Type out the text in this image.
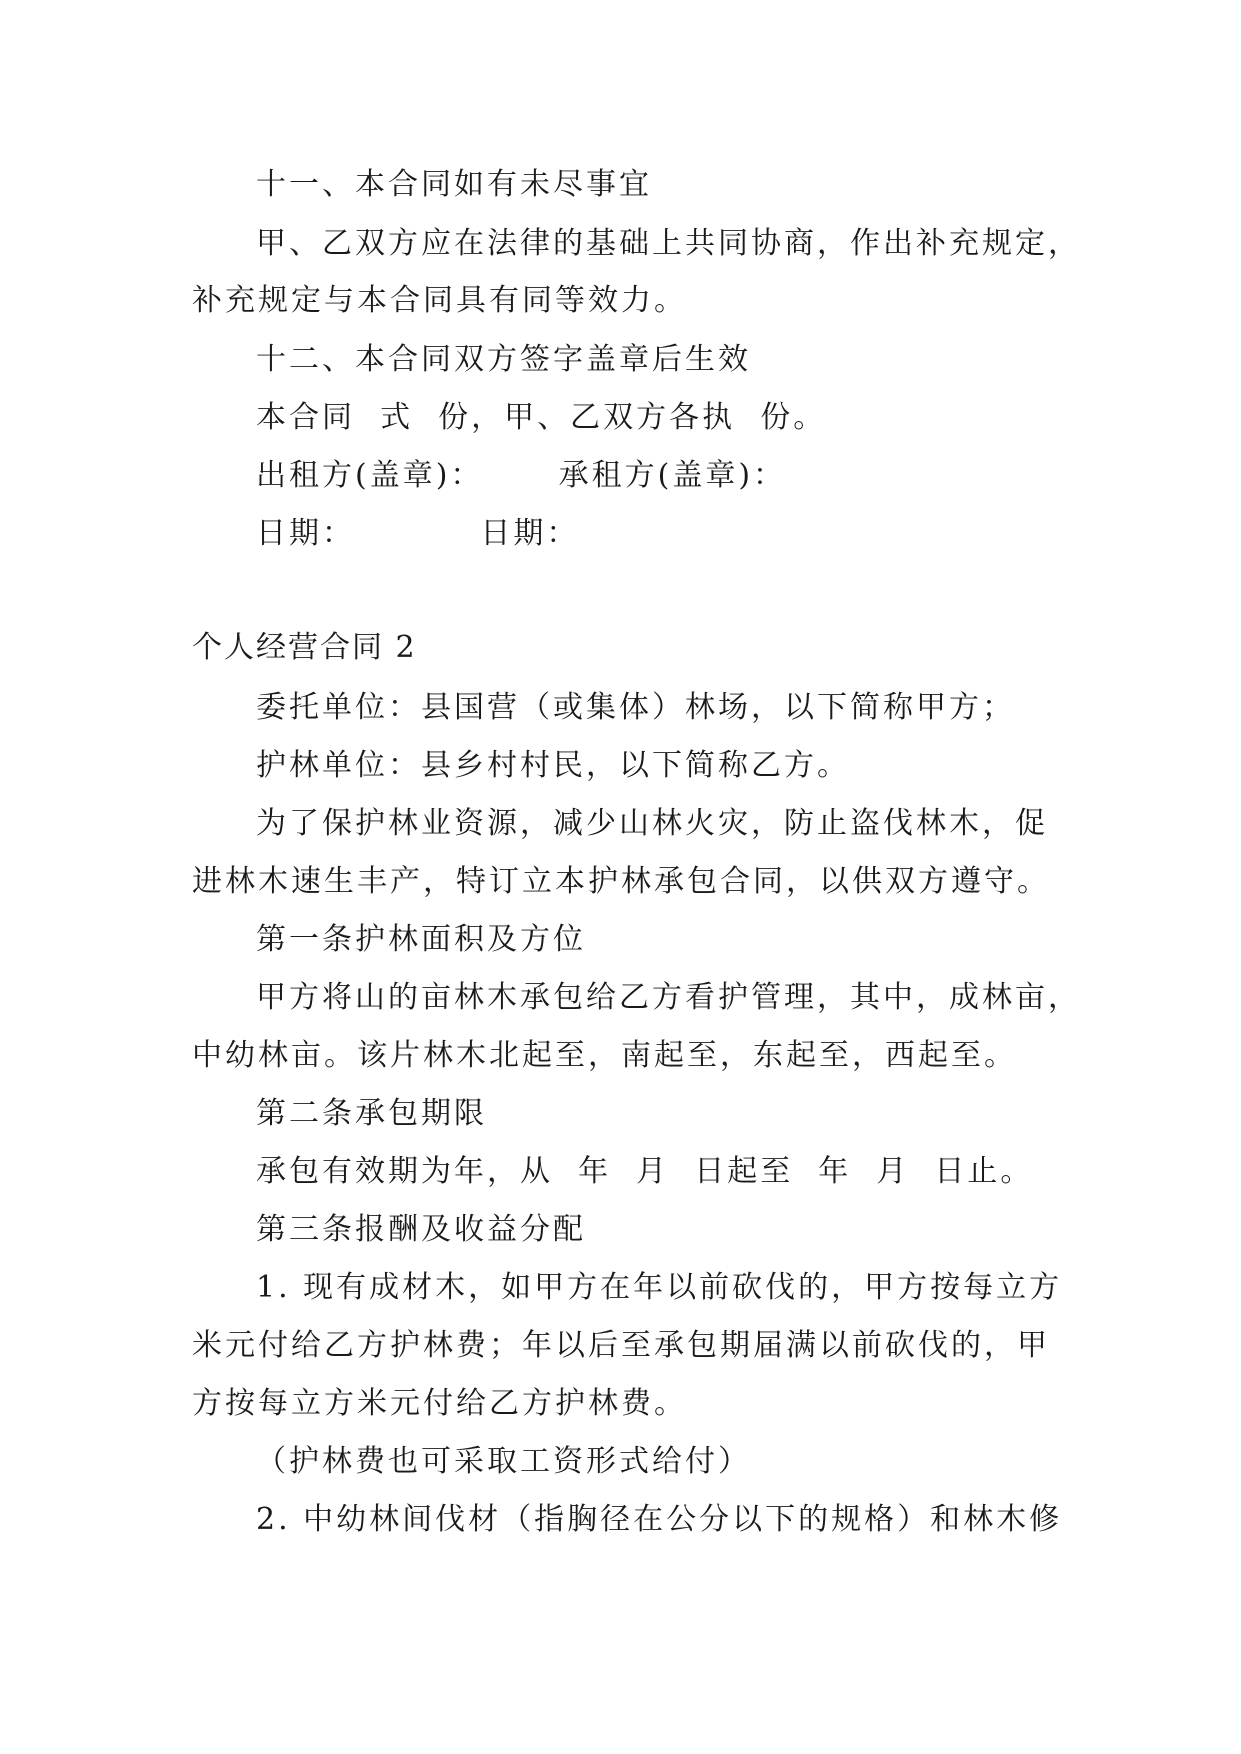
十一、本合同如有未尽事宜
甲、乙双方应在法律的基础上共同协商，作出补充规定，
补充规定与本合同具有同等效力。
十二、本合同双方签字盖章后生效
本合同  式  份，甲、乙双方各执  份。
出租方(盖章)：      承租方(盖章)：
日期：          日期：
个人经营合同 2
委托单位：县国营（或集体）林场，以下简称甲方；
护林单位：县乡村村民，以下简称乙方。
为了保护林业资源，减少山林火灾，防止盗伐林木，促
进林木速生丰产，特订立本护林承包合同，以供双方遵守。
第一条护林面积及方位
甲方将山的亩林木承包给乙方看护管理，其中，成林亩，
中幼林亩。该片林木北起至，南起至，东起至，西起至。
第二条承包期限
承包有效期为年，从  年  月  日起至  年  月  日止。
第三条报酬及收益分配
1. 现有成材木，如甲方在年以前砍伐的，甲方按每立方
米元付给乙方护林费；年以后至承包期届满以前砍伐的，甲
方按每立方米元付给乙方护林费。
（护林费也可采取工资形式给付）
2. 中幼林间伐材（指胸径在公分以下的规格）和林木修
